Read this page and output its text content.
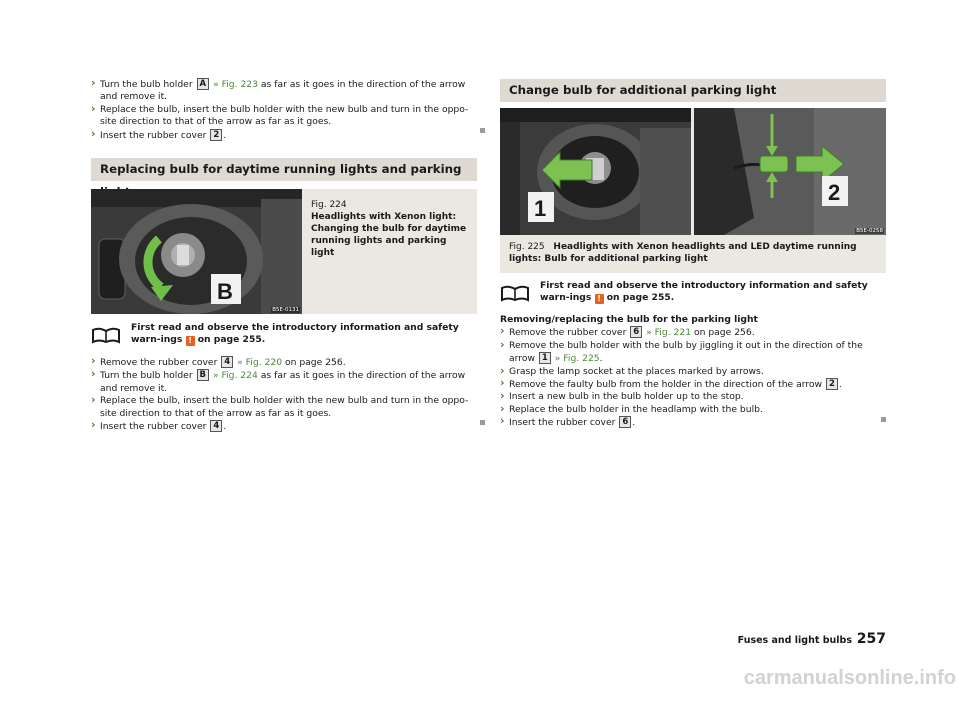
› Turn the bulb holder A » Fig. 223 as far as it goes in the direction of the arrow and remove it.
› Replace the bulb, insert the bulb holder with the new bulb and turn in the oppo-site direction to that of the arrow as far as it goes.
› Insert the rubber cover 2 .
Replacing bulb for daytime running lights and parking
B
B5E-0131
Fig. 224
Headlights with Xenon light: Changing the bulb for daytime running lights and parking light
First read and observe the introductory information and safety warn-ings ! on page 255.
› Remove the rubber cover 4 » Fig. 220 on page 256.
› Turn the bulb holder B » Fig. 224 as far as it goes in the direction of the arrow and remove it.
› Replace the bulb, insert the bulb holder with the new bulb and turn in the oppo-site direction to that of the arrow as far as it goes.
› Insert the rubber cover 4 .
Change bulb for additional parking light
1
2
B5E-0258
Fig. 225 Headlights with Xenon headlights and LED daytime running lights: Bulb for additional parking light
First read and observe the introductory information and safety warn-ings ! on page 255.
Removing/replacing the bulb for the parking light
› Remove the rubber cover 6 » Fig. 221 on page 256.
› Remove the bulb holder with the bulb by jiggling it out in the direction of the arrow 1 » Fig. 225.
› Grasp the lamp socket at the places marked by arrows.
› Remove the faulty bulb from the holder in the direction of the arrow 2 .
› Insert a new bulb in the bulb holder up to the stop.
› Replace the bulb holder in the headlamp with the bulb.
› Insert the rubber cover 6 .
Fuses and light bulbs 257
carmanualsonline.info
